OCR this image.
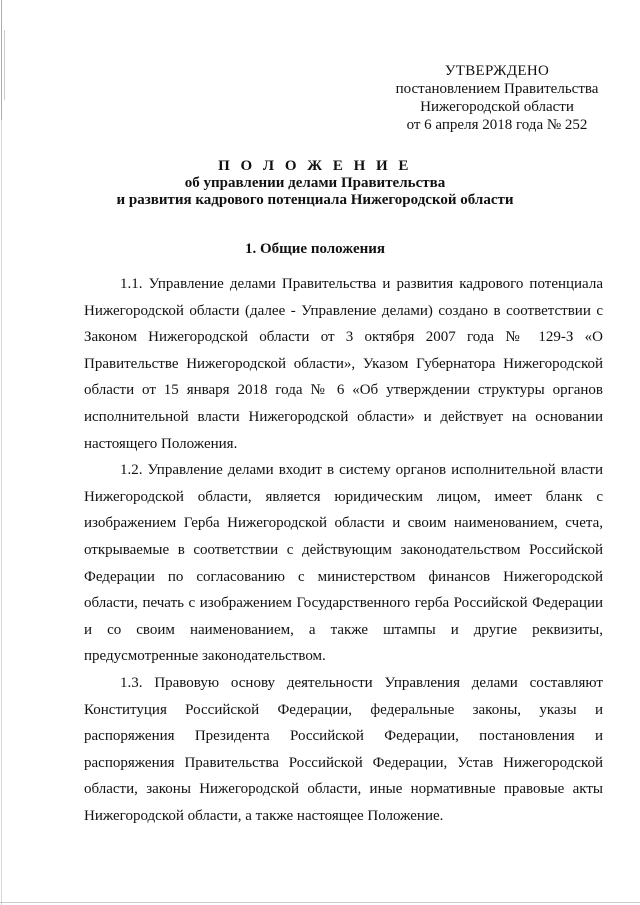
УТВЕРЖДЕНО
постановлением Правительства
Нижегородской области
от 6 апреля 2018 года № 252
П О Л О Ж Е Н И Е
об управлении делами Правительства
и развития кадрового потенциала Нижегородской области
1. Общие положения

1.1. Управление делами Правительства и развития кадрового потенциала Нижегородской области (далее - Управление делами) создано в соответствии с Законом Нижегородской области от 3 октября 2007 года № 129-З «О Правительстве Нижегородской области», Указом Губернатора Нижегородской области от 15 января 2018 года № 6 «Об утверждении структуры органов исполнительной власти Нижегородской области» и действует на основании настоящего Положения.

1.2. Управление делами входит в систему органов исполнительной власти Нижегородской области, является юридическим лицом, имеет бланк с изображением Герба Нижегородской области и своим наименованием, счета, открываемые в соответствии с действующим законодательством Российской Федерации по согласованию с министерством финансов Нижегородской области, печать с изображением Государственного герба Российской Федерации и со своим наименованием, а также штампы и другие реквизиты, предусмотренные законодательством.

1.3. Правовую основу деятельности Управления делами составляют Конституция Российской Федерации, федеральные законы, указы и распоряжения Президента Российской Федерации, постановления и распоряжения Правительства Российской Федерации, Устав Нижегородской области, законы Нижегородской области, иные нормативные правовые акты Нижегородской области, а также настоящее Положение.
